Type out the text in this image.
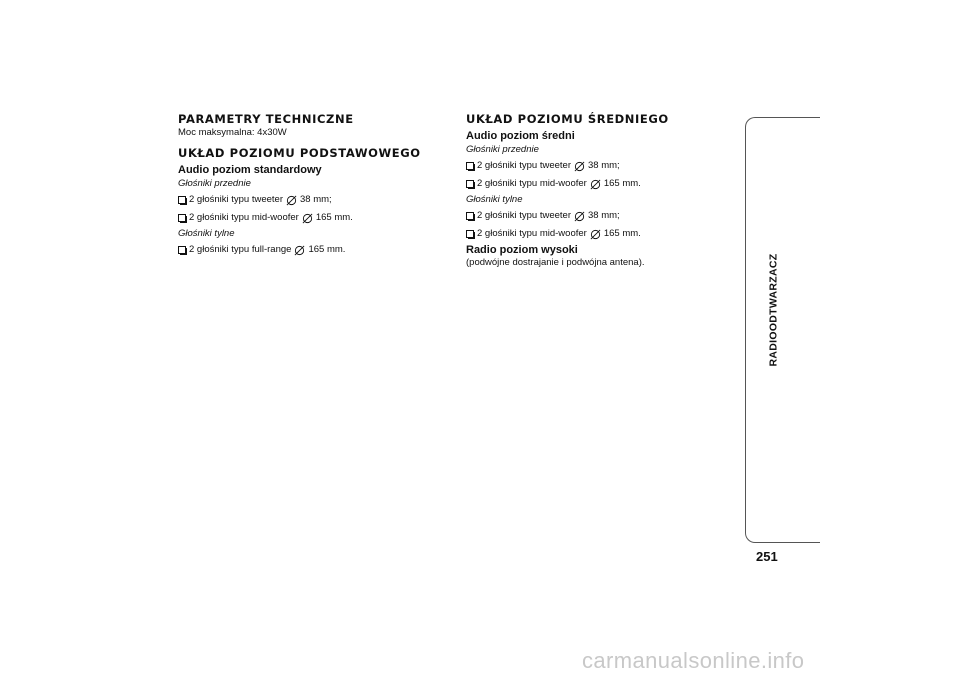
PARAMETRY TECHNICZNE

Moc maksymalna: 4x30W

UKŁAD POZIOMU PODSTAWOWEGO

Audio poziom standardowy

Głośniki przednie

2 głośniki typu tweeter 38 mm;
2 głośniki typu mid-woofer 165 mm.

Głośniki tylne

2 głośniki typu full-range 165 mm.

UKŁAD POZIOMU ŚREDNIEGO

Audio poziom średni

Głośniki przednie

2 głośniki typu tweeter 38 mm;
2 głośniki typu mid-woofer 165 mm.

Głośniki tylne

2 głośniki typu tweeter 38 mm;
2 głośniki typu mid-woofer 165 mm.

Radio poziom wysoki

(podwójne dostrajanie i podwójna antena).	RADIOODTWARZACZ
251
carmanualsonline.info
